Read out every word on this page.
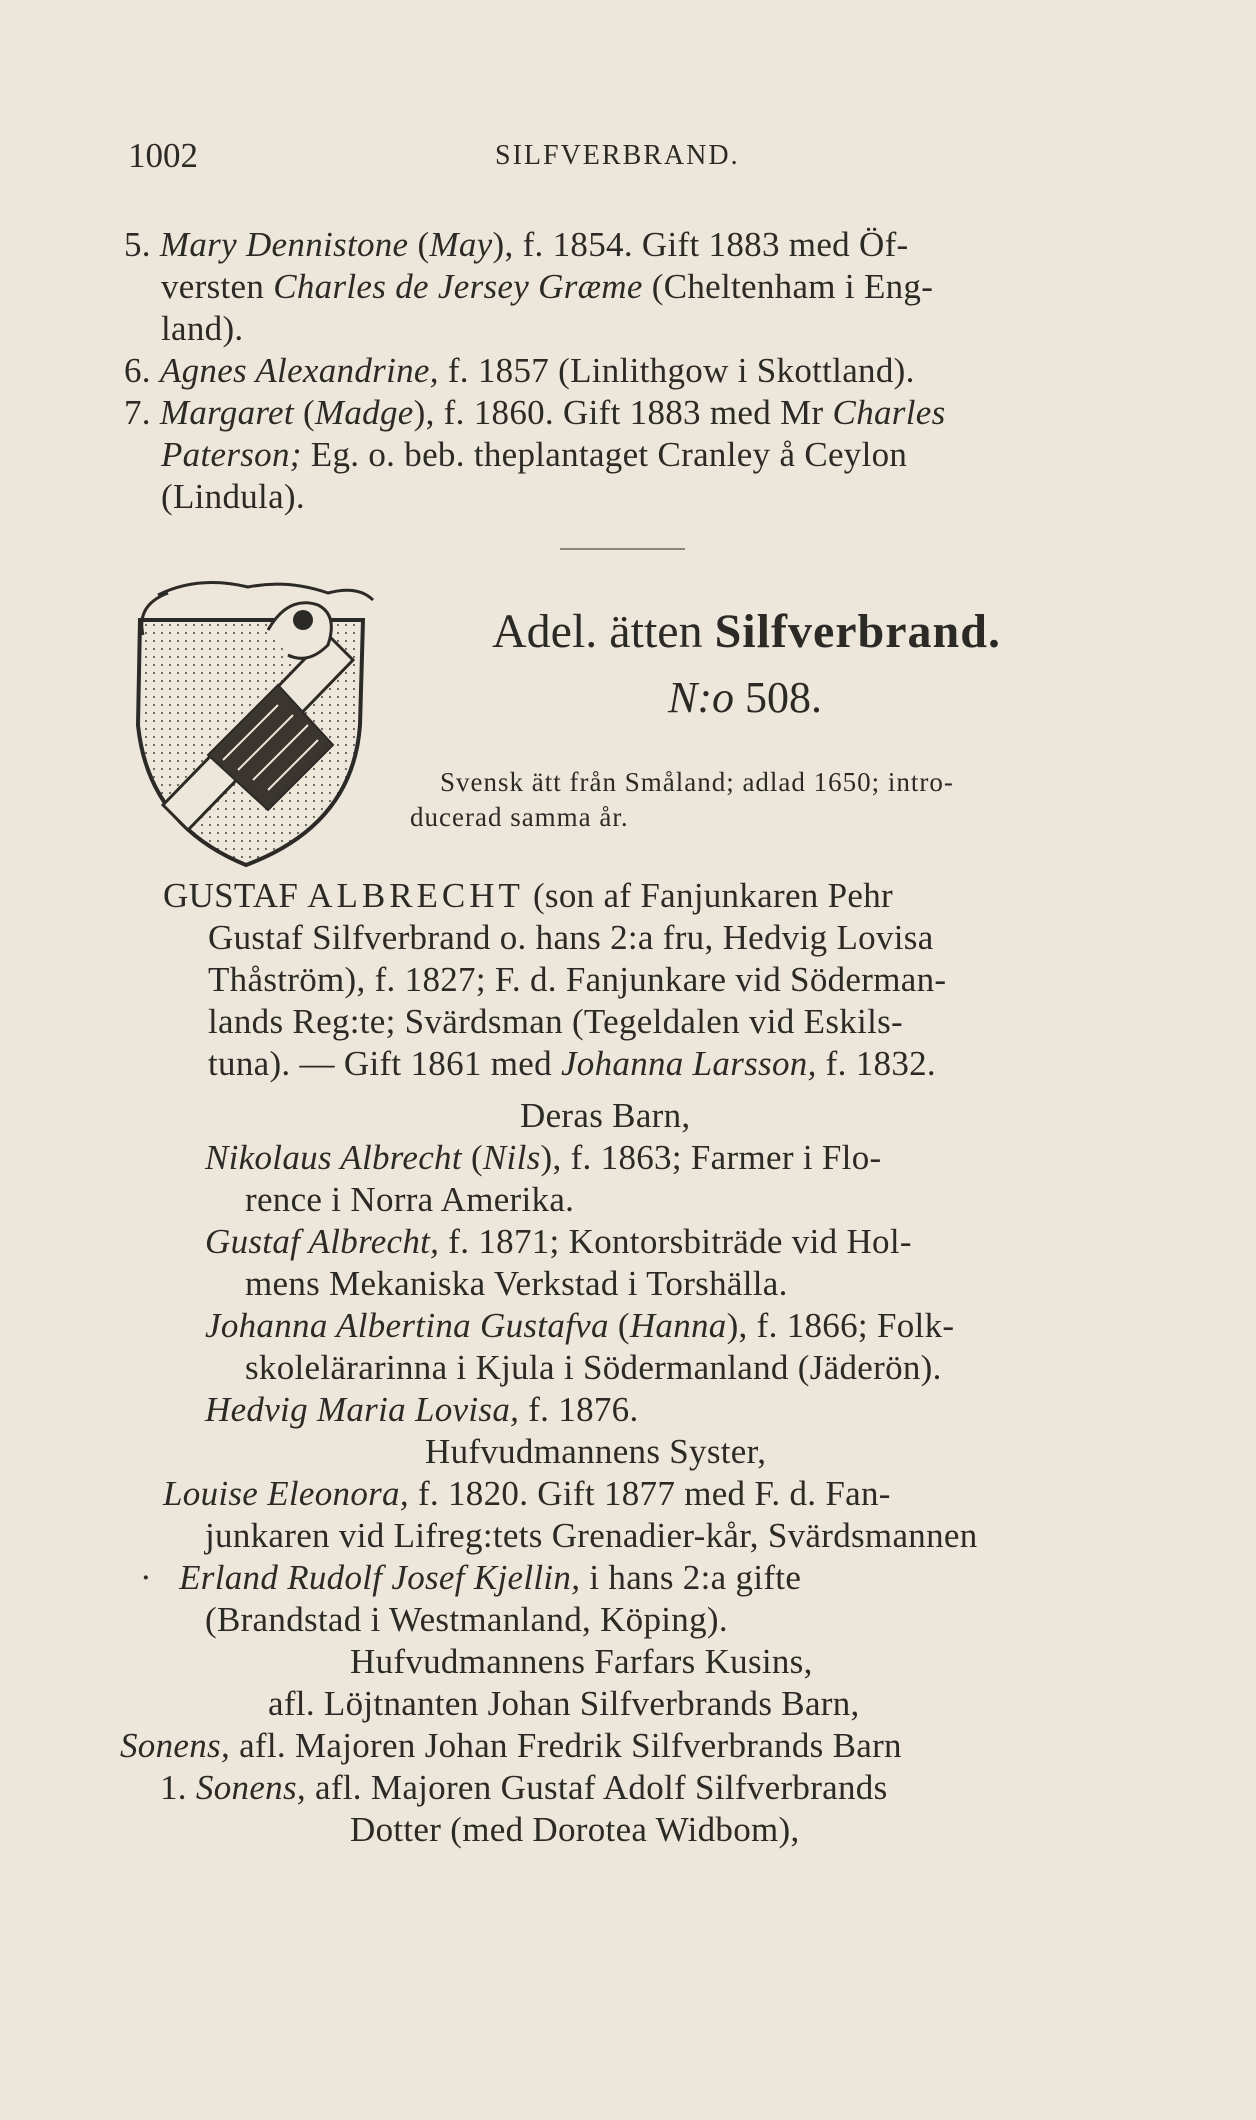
1002	SILFVERBRAND.
5. Mary Dennistone (May), f. 1854. Gift 1883 med Öf-
versten Charles de Jersey Græme (Cheltenham i Eng-
land).
6. Agnes Alexandrine, f. 1857 (Linlithgow i Skottland).
7. Margaret (Madge), f. 1860. Gift 1883 med Mr Charles
Paterson; Eg. o. beb. theplantaget Cranley å Ceylon
(Lindula).
Adel. ätten Silfverbrand.
N:o 508.
Svensk ätt från Småland; adlad 1650; intro-
ducerad samma år.
GUSTAF ALBRECHT (son af Fanjunkaren Pehr
Gustaf Silfverbrand o. hans 2:a fru, Hedvig Lovisa
Thåström), f. 1827; F. d. Fanjunkare vid Söderman-
lands Reg:te; Svärdsman (Tegeldalen vid Eskils-
tuna). — Gift 1861 med Johanna Larsson, f. 1832.
Deras Barn,
Nikolaus Albrecht (Nils), f. 1863; Farmer i Flo-
rence i Norra Amerika.
Gustaf Albrecht, f. 1871; Kontorsbiträde vid Hol-
mens Mekaniska Verkstad i Torshälla.
Johanna Albertina Gustafva (Hanna), f. 1866; Folk-
skolelärarinna i Kjula i Södermanland (Jäderön).
Hedvig Maria Lovisa, f. 1876.
Hufvudmannens Syster,
Louise Eleonora, f. 1820. Gift 1877 med F. d. Fan-
junkaren vid Lifreg:tets Grenadier-kår, Svärdsmannen
· Erland Rudolf Josef Kjellin, i hans 2:a gifte
(Brandstad i Westmanland, Köping).
Hufvudmannens Farfars Kusins,
afl. Löjtnanten Johan Silfverbrands Barn,
Sonens, afl. Majoren Johan Fredrik Silfverbrands Barn
1. Sonens, afl. Majoren Gustaf Adolf Silfverbrands
Dotter (med Dorotea Widbom),
